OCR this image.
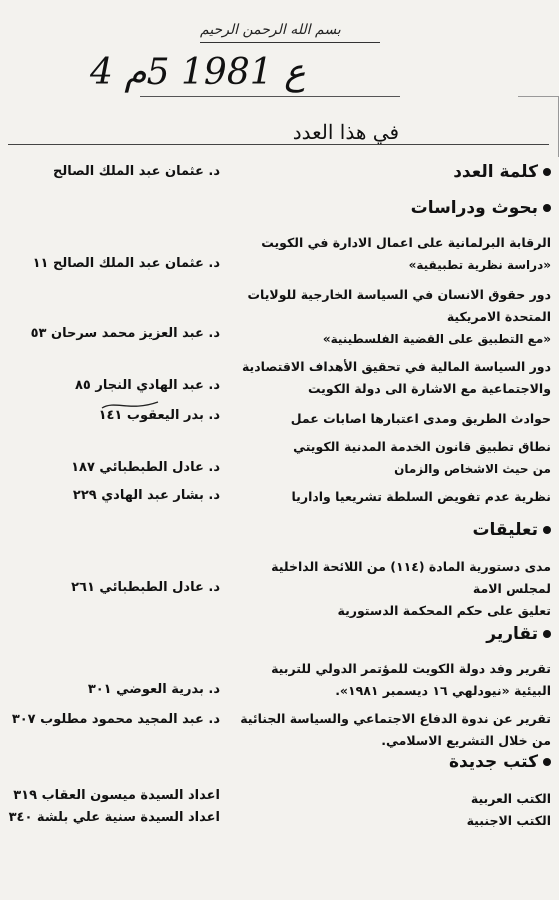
بسم الله الرحمن الرحيم
4 ع 1981 5م
في هذا العدد
كلمة العدد
د. عثمان عبد الملك الصالح
بحوث ودراسات
الرقابة البرلمانية على اعمال الادارة في الكويت
«دراسة نظرية تطبيقية»
د. عثمان عبد الملك الصالح ١١
دور حقوق الانسان في السياسة الخارجية للولايات المتحدة الامريكية
«مع التطبيق على القضية الفلسطينية»
د. عبد العزيز محمد سرحان ٥٣
دور السياسة المالية في تحقيق الأهداف الاقتصادية والاجتماعية مع الاشارة الى دولة الكويت
د. عبد الهادي النجار ٨٥
حوادث الطريق ومدى اعتبارها اصابات عمل
د. بدر اليعقوب ١٤١
نطاق تطبيق قانون الخدمة المدنية الكويتي
من حيث الاشخاص والزمان
د. عادل الطبطبائي ١٨٧
نظرية عدم تفويض السلطة تشريعيا واداريا
د. بشار عبد الهادي ٢٢٩
تعليقات
مدى دستورية المادة (١١٤) من اللائحة الداخلية لمجلس الامة
تعليق على حكم المحكمة الدستورية
د. عادل الطبطبائي ٢٦١
تقارير
تقرير وفد دولة الكويت للمؤتمر الدولي للتربية البيئية «نيودلهي ١٦ ديسمبر ١٩٨١».
د. بدرية العوضي ٣٠١
تقرير عن ندوة الدفاع الاجتماعي والسياسة الجنائية من خلال التشريع الاسلامي.
د. عبد المجيد محمود مطلوب ٣٠٧
كتب جديدة
الكتب العربية
اعداد السيدة ميسون العقاب ٣١٩
الكتب الاجنبية
اعداد السيدة سنية علي بلشة ٣٤٠
